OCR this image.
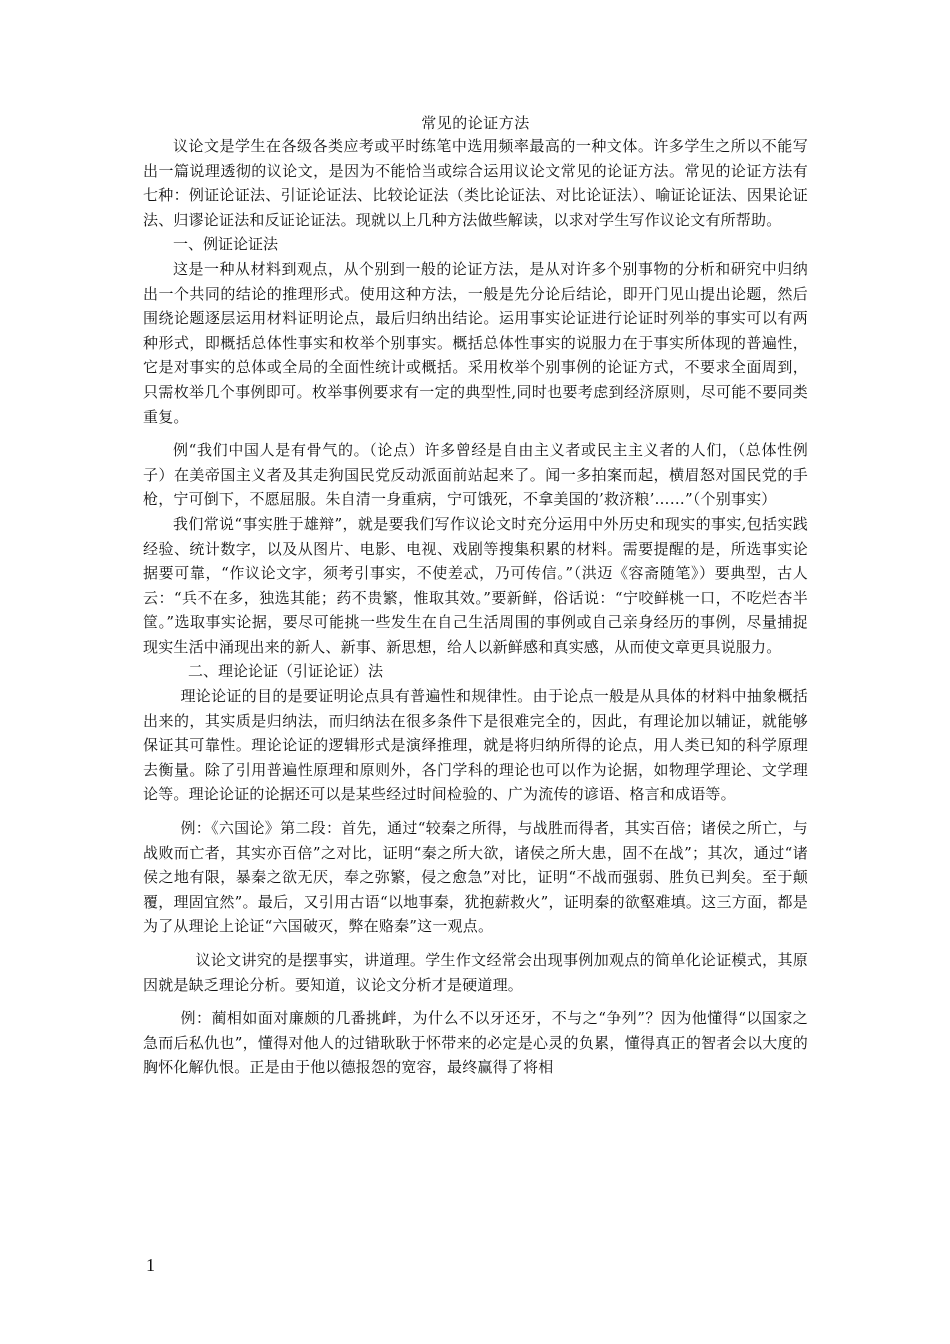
常见的论证方法

议论文是学生在各级各类应考或平时练笔中选用频率最高的一种文体。许多学生之所以不能写出一篇说理透彻的议论文，是因为不能恰当或综合运用议论文常见的论证方法。常见的论证方法有七种：例证论证法、引证论证法、比较论证法（类比论证法、对比论证法）、喻证论证法、因果论证法、归谬论证法和反证论证法。现就以上几种方法做些解读，以求对学生写作议论文有所帮助。

一、例证论证法

这是一种从材料到观点，从个别到一般的论证方法，是从对许多个别事物的分析和研究中归纳出一个共同的结论的推理形式。使用这种方法，一般是先分论后结论，即开门见山提出论题，然后围绕论题逐层运用材料证明论点，最后归纳出结论。运用事实论证进行论证时列举的事实可以有两种形式，即概括总体性事实和枚举个别事实。概括总体性事实的说服力在于事实所体现的普遍性，它是对事实的总体或全局的全面性统计或概括。采用枚举个别事例的论证方式，不要求全面周到，只需枚举几个事例即可。枚举事例要求有一定的典型性,同时也要考虑到经济原则，尽可能不要同类重复。

例“我们中国人是有骨气的。（论点）许多曾经是自由主义者或民主主义者的人们，（总体性例子）在美帝国主义者及其走狗国民党反动派面前站起来了。闻一多拍案而起，横眉怒对国民党的手枪，宁可倒下，不愿屈服。朱自清一身重病，宁可饿死，不拿美国的’救济粮’……”（个别事实）

我们常说“事实胜于雄辩”，就是要我们写作议论文时充分运用中外历史和现实的事实,包括实践经验、统计数字，以及从图片、电影、电视、戏剧等搜集积累的材料。需要提醒的是，所选事实论据要可靠，“作议论文字，须考引事实，不使差忒，乃可传信。”（洪迈《容斋随笔》）要典型，古人云：“兵不在多，独选其能；药不贵繁，惟取其效。”要新鲜，俗话说：“宁咬鲜桃一口，不吃烂杏半筐。”选取事实论据，要尽可能挑一些发生在自己生活周围的事例或自己亲身经历的事例，尽量捕捉现实生活中涌现出来的新人、新事、新思想，给人以新鲜感和真实感，从而使文章更具说服力。

二、理论论证（引证论证）法

理论论证的目的是要证明论点具有普遍性和规律性。由于论点一般是从具体的材料中抽象概括出来的，其实质是归纳法，而归纳法在很多条件下是很难完全的，因此，有理论加以辅证，就能够保证其可靠性。理论论证的逻辑形式是演绎推理，就是将归纳所得的论点，用人类已知的科学原理去衡量。除了引用普遍性原理和原则外，各门学科的理论也可以作为论据，如物理学理论、文学理论等。理论论证的论据还可以是某些经过时间检验的、广为流传的谚语、格言和成语等。

例：《六国论》第二段：首先，通过“较秦之所得，与战胜而得者，其实百倍；诸侯之所亡，与战败而亡者，其实亦百倍”之对比，证明“秦之所大欲，诸侯之所大患，固不在战”；其次，通过“诸侯之地有限，暴秦之欲无厌，奉之弥繁，侵之愈急”对比，证明“不战而强弱、胜负已判矣。至于颠覆，理固宜然”。最后，又引用古语“以地事秦，犹抱薪救火”，证明秦的欲壑难填。这三方面，都是为了从理论上论证“六国破灭，弊在赂秦”这一观点。

议论文讲究的是摆事实，讲道理。学生作文经常会出现事例加观点的简单化论证模式，其原因就是缺乏理论分析。要知道，议论文分析才是硬道理。

例：蔺相如面对廉颇的几番挑衅，为什么不以牙还牙，不与之“争列”？因为他懂得“以国家之急而后私仇也”，懂得对他人的过错耿耿于怀带来的必定是心灵的负累，懂得真正的智者会以大度的胸怀化解仇恨。正是由于他以德报怨的宽容，最终赢得了将相

1
